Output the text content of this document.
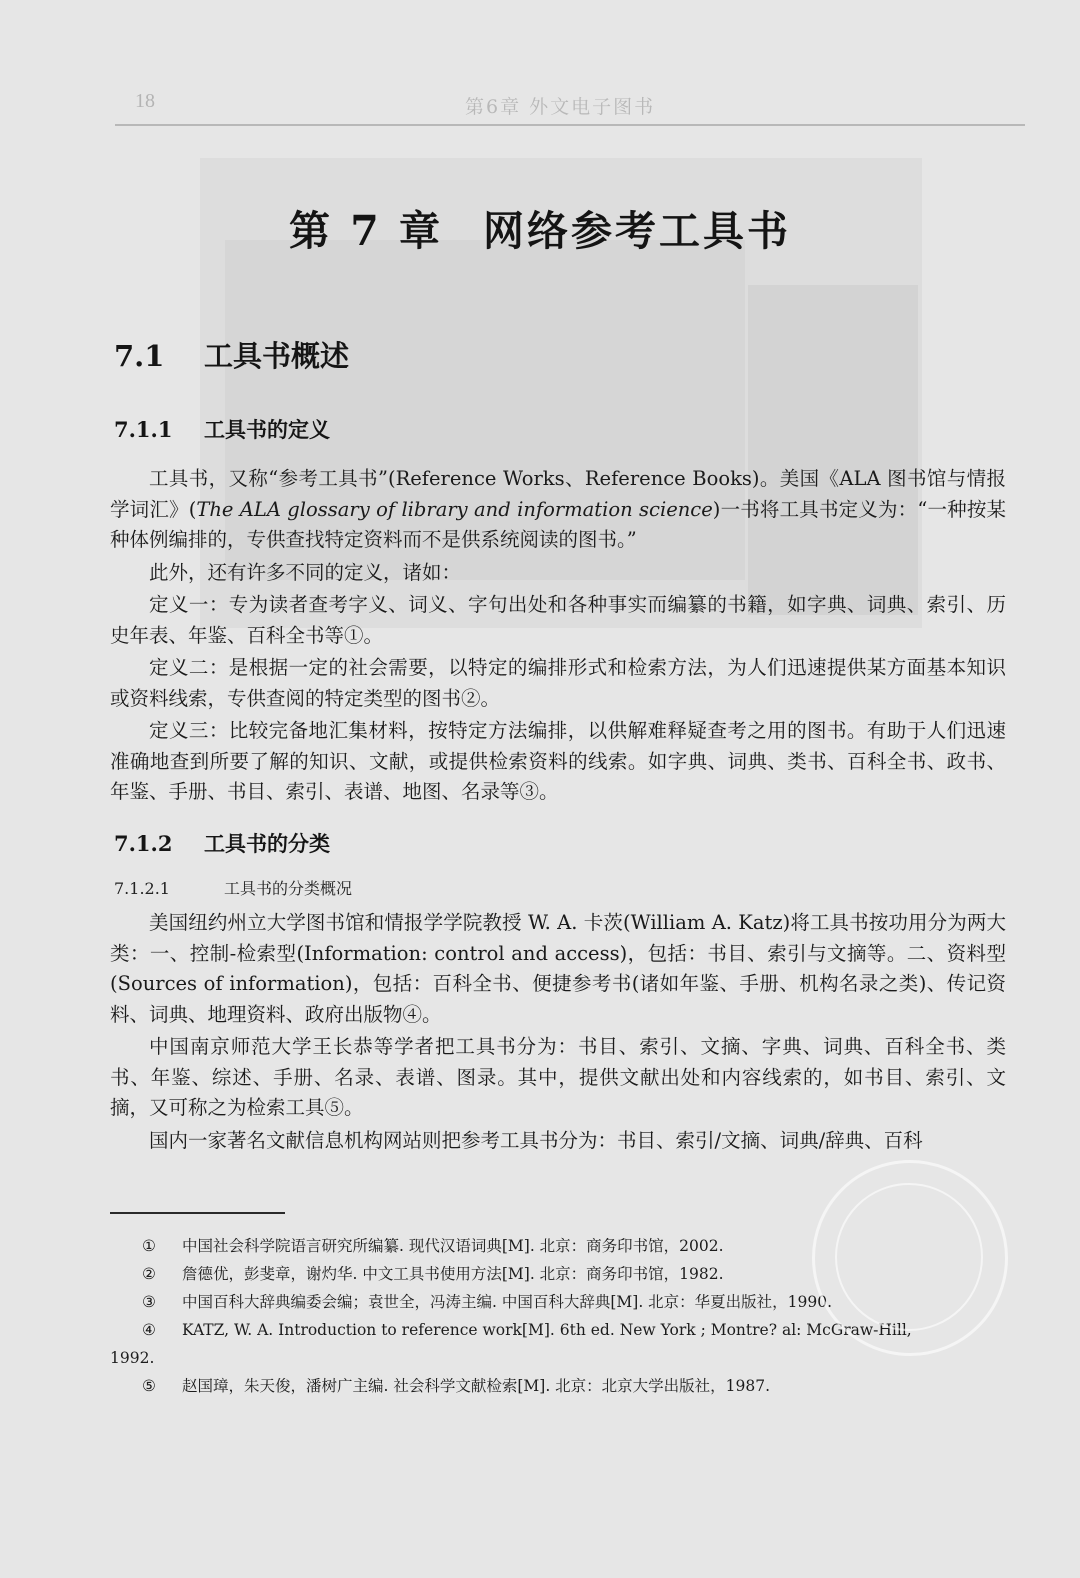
18	第6章 外文电子图书
第 7 章 网络参考工具书
7.1 工具书概述
7.1.1 工具书的定义

工具书，又称“参考工具书”(Reference Works、Reference Books)。美国《ALA 图书馆与情报学词汇》(The ALA glossary of library and information science)一书将工具书定义为：“一种按某种体例编排的，专供查找特定资料而不是供系统阅读的图书。”

此外，还有许多不同的定义，诸如：

定义一：专为读者查考字义、词义、字句出处和各种事实而编纂的书籍，如字典、词典、索引、历史年表、年鉴、百科全书等①。

定义二：是根据一定的社会需要，以特定的编排形式和检索方法，为人们迅速提供某方面基本知识或资料线索，专供查阅的特定类型的图书②。

定义三：比较完备地汇集材料，按特定方法编排，以供解难释疑查考之用的图书。有助于人们迅速准确地查到所要了解的知识、文献，或提供检索资料的线索。如字典、词典、类书、百科全书、政书、年鉴、手册、书目、索引、表谱、地图、名录等③。

7.1.2 工具书的分类
7.1.2.1	工具书的分类概况

美国纽约州立大学图书馆和情报学学院教授 W. A. 卡茨(William A. Katz)将工具书按功用分为两大类：一、控制-检索型(Information: control and access)，包括：书目、索引与文摘等。二、资料型(Sources of information)，包括：百科全书、便捷参考书(诸如年鉴、手册、机构名录之类)、传记资料、词典、地理资料、政府出版物④。

中国南京师范大学王长恭等学者把工具书分为：书目、索引、文摘、字典、词典、百科全书、类书、年鉴、综述、手册、名录、表谱、图录。其中，提供文献出处和内容线索的，如书目、索引、文摘，又可称之为检索工具⑤。

国内一家著名文献信息机构网站则把参考工具书分为：书目、索引/文摘、词典/辞典、百科

① 中国社会科学院语言研究所编纂. 现代汉语词典[M]. 北京：商务印书馆，2002.

② 詹德优，彭斐章，谢灼华. 中文工具书使用方法[M]. 北京：商务印书馆，1982.

③ 中国百科大辞典编委会编；袁世全，冯涛主编. 中国百科大辞典[M]. 北京：华夏出版社，1990.

④ KATZ, W. A. Introduction to reference work[M]. 6th ed. New York ; Montre? al: McGraw-Hill,

1992.

⑤ 赵国璋，朱天俊，潘树广主编. 社会科学文献检索[M]. 北京：北京大学出版社，1987.
